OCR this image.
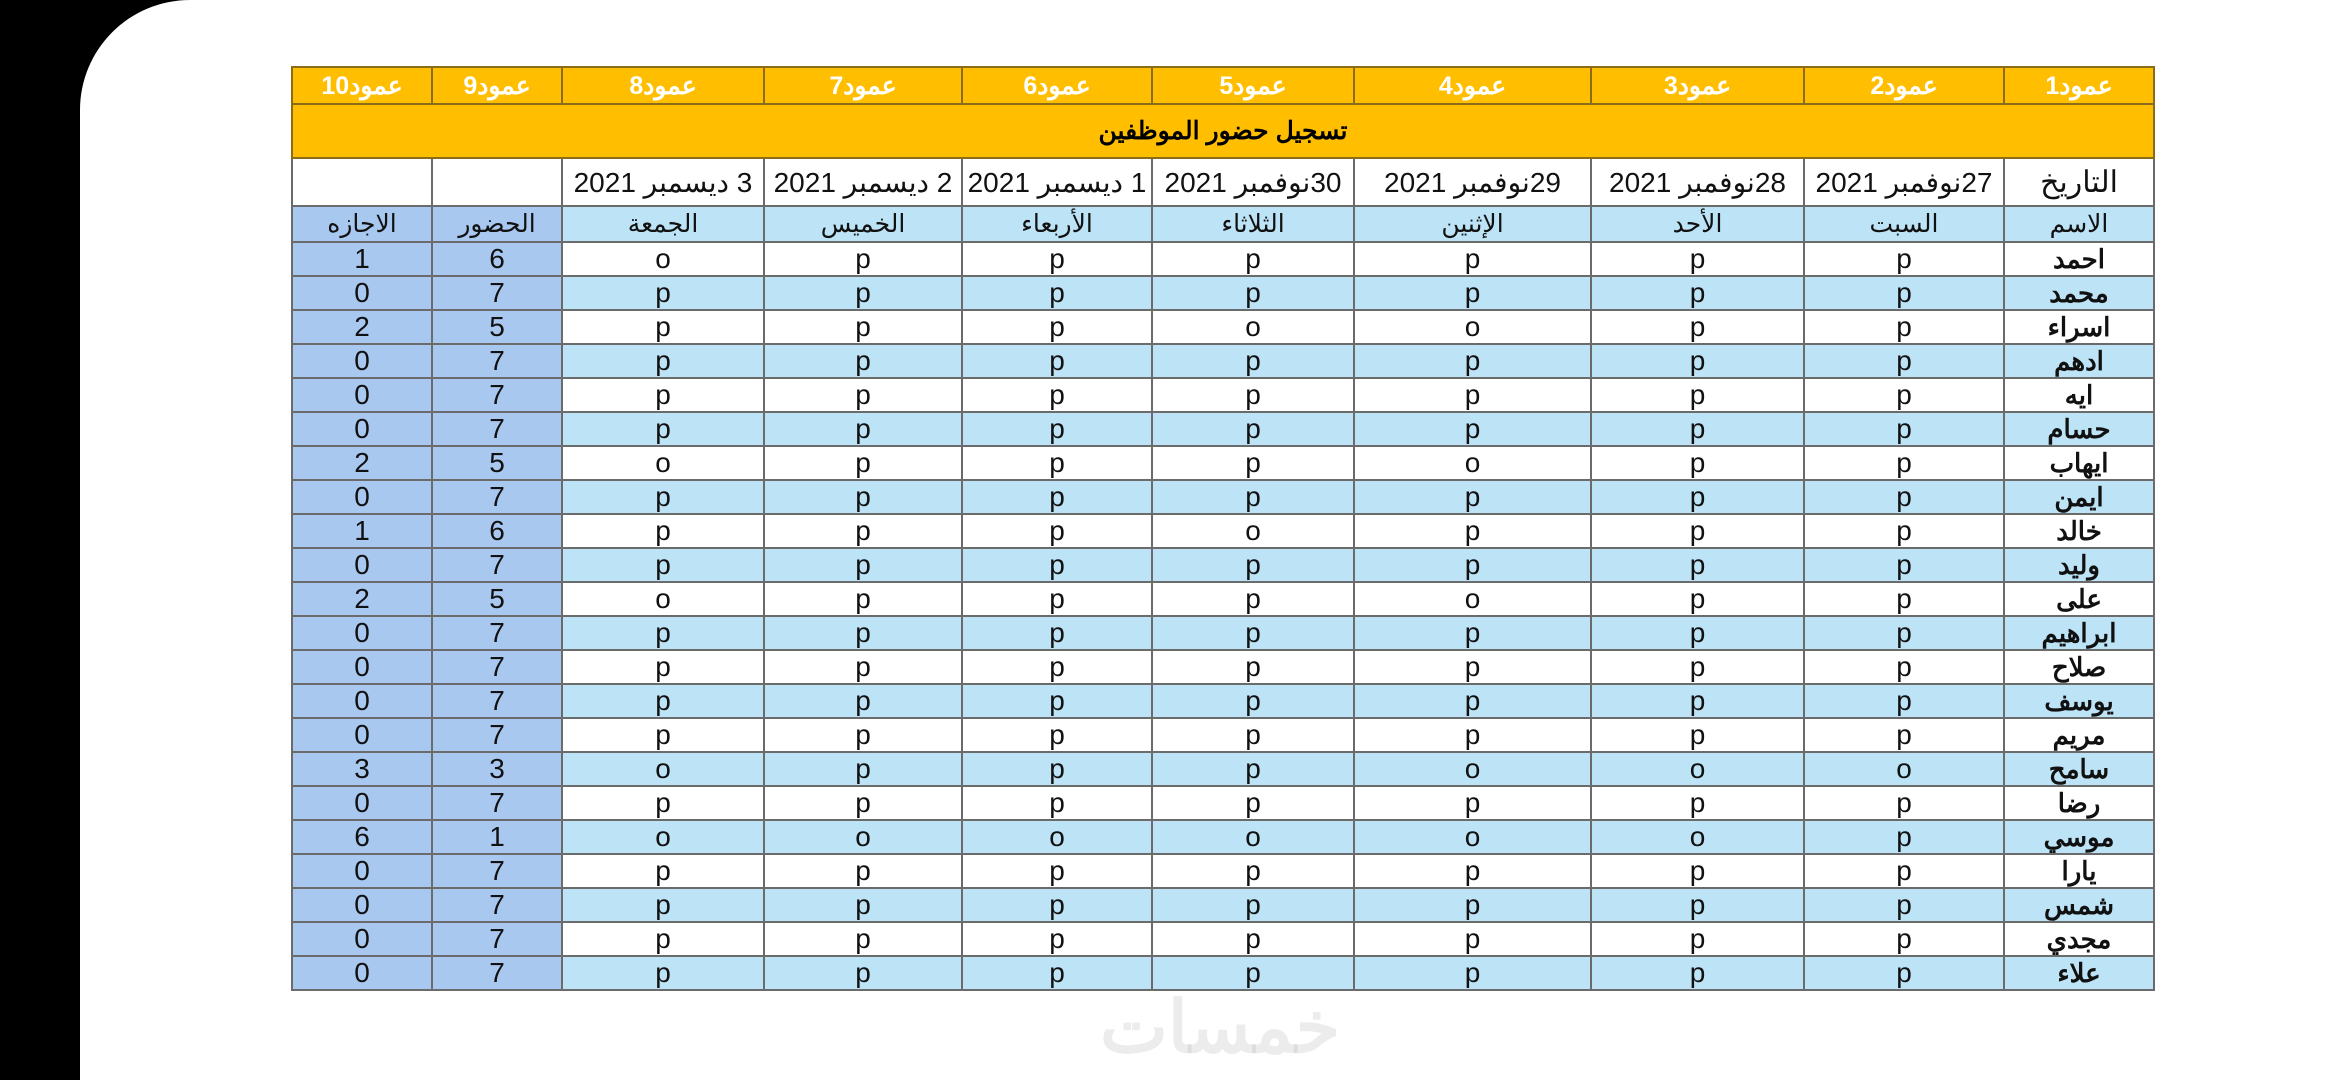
عمود1	عمود2	عمود3	عمود4	عمود5	عمود6	عمود7	عمود8	عمود9	عمود10
تسجيل حضور الموظفين									
التاريخ	27نوفمبر 2021	28نوفمبر 2021	29نوفمبر 2021	30نوفمبر 2021	1 ديسمبر 2021	2 ديسمبر 2021	3 ديسمبر 2021		
الاسم	السبت	الأحد	الإثنين	الثلاثاء	الأربعاء	الخميس	الجمعة	الحضور	الاجازه
احمد	p	p	p	p	p	p	o	6	1
محمد	p	p	p	p	p	p	p	7	0
اسراء	p	p	o	o	p	p	p	5	2
ادهم	p	p	p	p	p	p	p	7	0
ايه	p	p	p	p	p	p	p	7	0
حسام	p	p	p	p	p	p	p	7	0
ايهاب	p	p	o	p	p	p	o	5	2
ايمن	p	p	p	p	p	p	p	7	0
خالد	p	p	p	o	p	p	p	6	1
وليد	p	p	p	p	p	p	p	7	0
على	p	p	o	p	p	p	o	5	2
ابراهيم	p	p	p	p	p	p	p	7	0
صلاح	p	p	p	p	p	p	p	7	0
يوسف	p	p	p	p	p	p	p	7	0
مريم	p	p	p	p	p	p	p	7	0
سامح	o	o	o	p	p	p	o	3	3
رضا	p	p	p	p	p	p	p	7	0
موسي	p	o	o	o	o	o	o	1	6
يارا	p	p	p	p	p	p	p	7	0
شمس	p	p	p	p	p	p	p	7	0
مجدي	p	p	p	p	p	p	p	7	0
علاء	p	p	p	p	p	p	p	7	0
خمسات
